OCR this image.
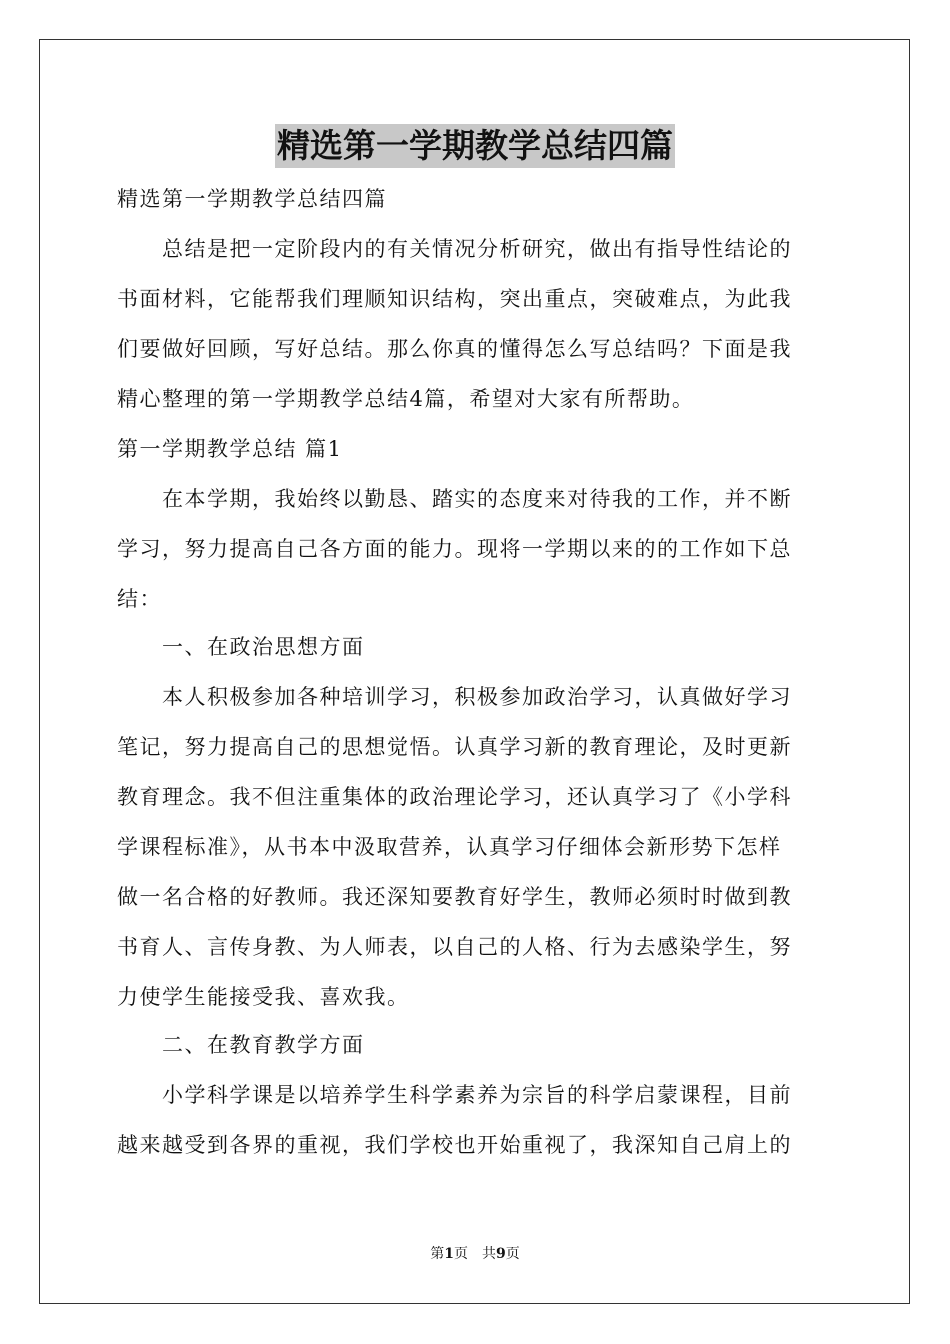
精选第一学期教学总结四篇
精选第一学期教学总结四篇
　　总结是把一定阶段内的有关情况分析研究，做出有指导性结论的
书面材料，它能帮我们理顺知识结构，突出重点，突破难点，为此我
们要做好回顾，写好总结。那么你真的懂得怎么写总结吗？下面是我
精心整理的第一学期教学总结4篇，希望对大家有所帮助。
第一学期教学总结 篇1
　　在本学期，我始终以勤恳、踏实的态度来对待我的工作，并不断
学习，努力提高自己各方面的能力。现将一学期以来的的工作如下总
结：
　　一、在政治思想方面
　　本人积极参加各种培训学习，积极参加政治学习，认真做好学习
笔记，努力提高自己的思想觉悟。认真学习新的教育理论，及时更新
教育理念。我不但注重集体的政治理论学习，还认真学习了《小学科
学课程标准》，从书本中汲取营养，认真学习仔细体会新形势下怎样
做一名合格的好教师。我还深知要教育好学生，教师必须时时做到教
书育人、言传身教、为人师表，以自己的人格、行为去感染学生，努
力使学生能接受我、喜欢我。
　　二、在教育教学方面
　　小学科学课是以培养学生科学素养为宗旨的科学启蒙课程，目前
越来越受到各界的重视，我们学校也开始重视了，我深知自己肩上的
第1页　共9页
